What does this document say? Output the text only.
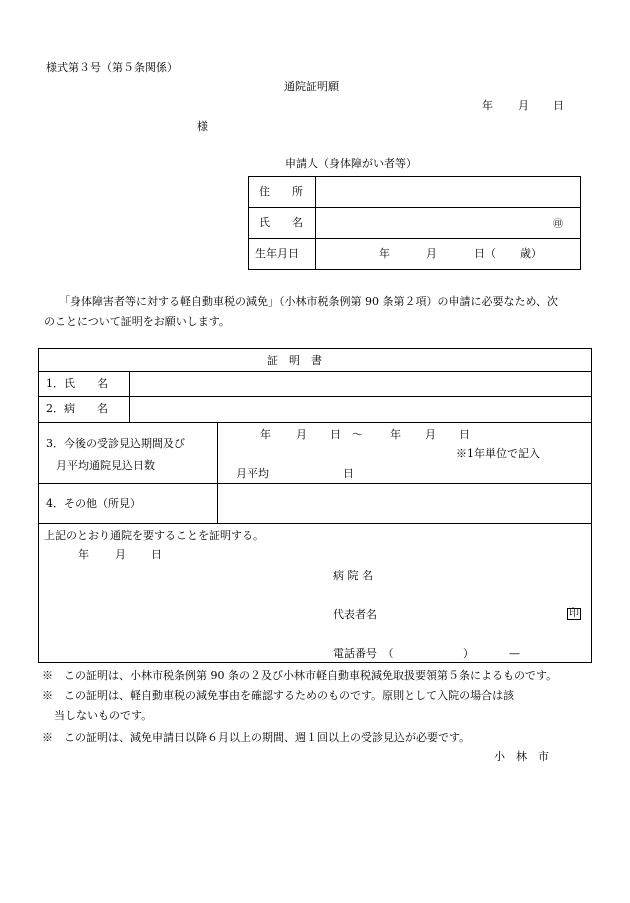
様式第３号（第５条関係）
通院証明願
年 月 日
様
申請人（身体障がい者等）
住　　所
氏　　名	㊞
生年月日	年	月	日（ 歳）
「身体障害者等に対する軽自動車税の減免」（小林市税条例第 90 条第２項）の申請に必要なため、次
のことについて証明をお願いします。
証　明　書
1．氏　　名
2．病　　名
3．今後の受診見込期間及び
月平均通院見込日数
年 月 日　～ 年 月 日
※1年単位で記入
月平均	日
4．その他（所見）
上記のとおり通院を要することを証明する。
年 月 日
病 院 名
代表者名	印
電話番号　（	）	—
※　この証明は、小林市税条例第 90 条の２及び小林市軽自動車税減免取扱要領第５条によるものです。
※　この証明は、軽自動車税の減免事由を確認するためのものです。原則として入院の場合は該
当しないものです。
※　この証明は、減免申請日以降６月以上の期間、週１回以上の受診見込が必要です。
小　林　市
